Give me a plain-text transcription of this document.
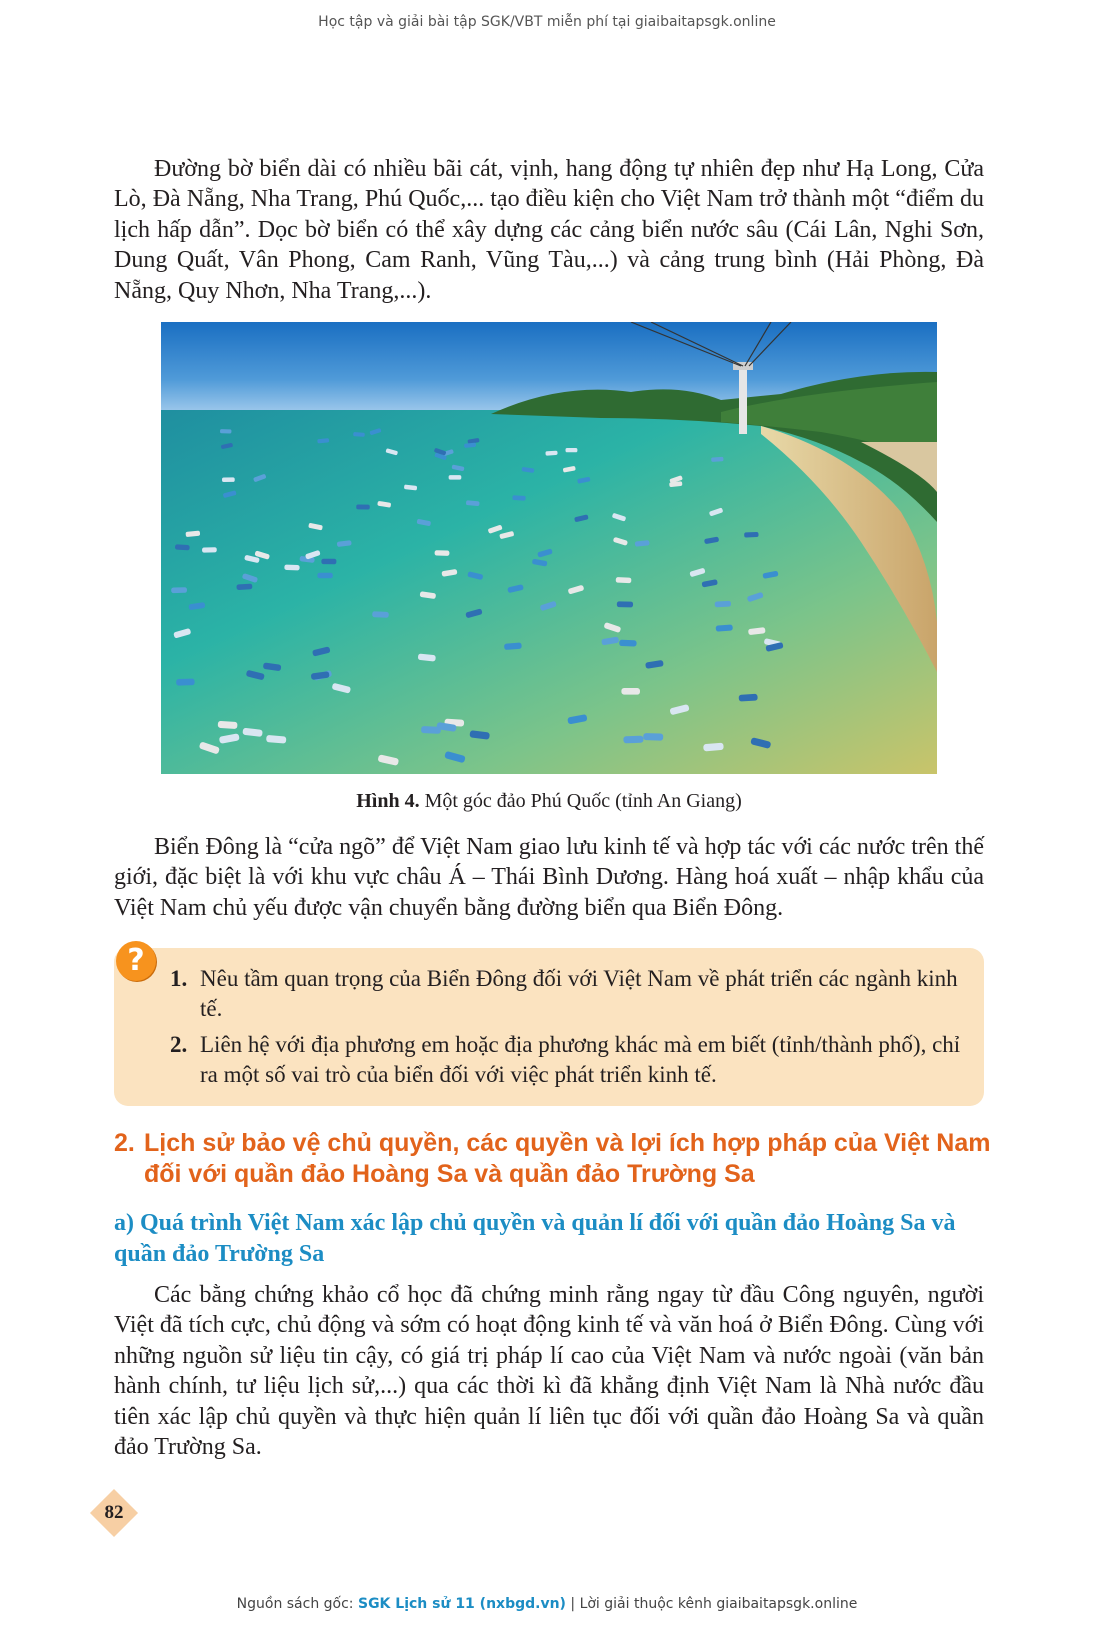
Học tập và giải bài tập SGK/VBT miễn phí tại giaibaitapsgk.online

Đường bờ biển dài có nhiều bãi cát, vịnh, hang động tự nhiên đẹp như Hạ Long, Cửa Lò, Đà Nẵng, Nha Trang, Phú Quốc,... tạo điều kiện cho Việt Nam trở thành một “điểm du lịch hấp dẫn”. Dọc bờ biển có thể xây dựng các cảng biển nước sâu (Cái Lân, Nghi Sơn, Dung Quất, Vân Phong, Cam Ranh, Vũng Tàu,...) và cảng trung bình (Hải Phòng, Đà Nẵng, Quy Nhơn, Nha Trang,...).

Hình 4. Một góc đảo Phú Quốc (tỉnh An Giang)

Biển Đông là “cửa ngõ” để Việt Nam giao lưu kinh tế và hợp tác với các nước trên thế giới, đặc biệt là với khu vực châu Á – Thái Bình Dương. Hàng hoá xuất – nhập khẩu của Việt Nam chủ yếu được vận chuyển bằng đường biển qua Biển Đông.

?
1. Nêu tầm quan trọng của Biển Đông đối với Việt Nam về phát triển các ngành kinh tế.
2. Liên hệ với địa phương em hoặc địa phương khác mà em biết (tỉnh/thành phố), chỉ ra một số vai trò của biển đối với việc phát triển kinh tế.
2. Lịch sử bảo vệ chủ quyền, các quyền và lợi ích hợp pháp của Việt Nam đối với quần đảo Hoàng Sa và quần đảo Trường Sa
a) Quá trình Việt Nam xác lập chủ quyền và quản lí đối với quần đảo Hoàng Sa và quần đảo Trường Sa

Các bằng chứng khảo cổ học đã chứng minh rằng ngay từ đầu Công nguyên, người Việt đã tích cực, chủ động và sớm có hoạt động kinh tế và văn hoá ở Biển Đông. Cùng với những nguồn sử liệu tin cậy, có giá trị pháp lí cao của Việt Nam và nước ngoài (văn bản hành chính, tư liệu lịch sử,...) qua các thời kì đã khẳng định Việt Nam là Nhà nước đầu tiên xác lập chủ quyền và thực hiện quản lí liên tục đối với quần đảo Hoàng Sa và quần đảo Trường Sa.

82
Nguồn sách gốc: SGK Lịch sử 11 (nxbgd.vn) | Lời giải thuộc kênh giaibaitapsgk.online
